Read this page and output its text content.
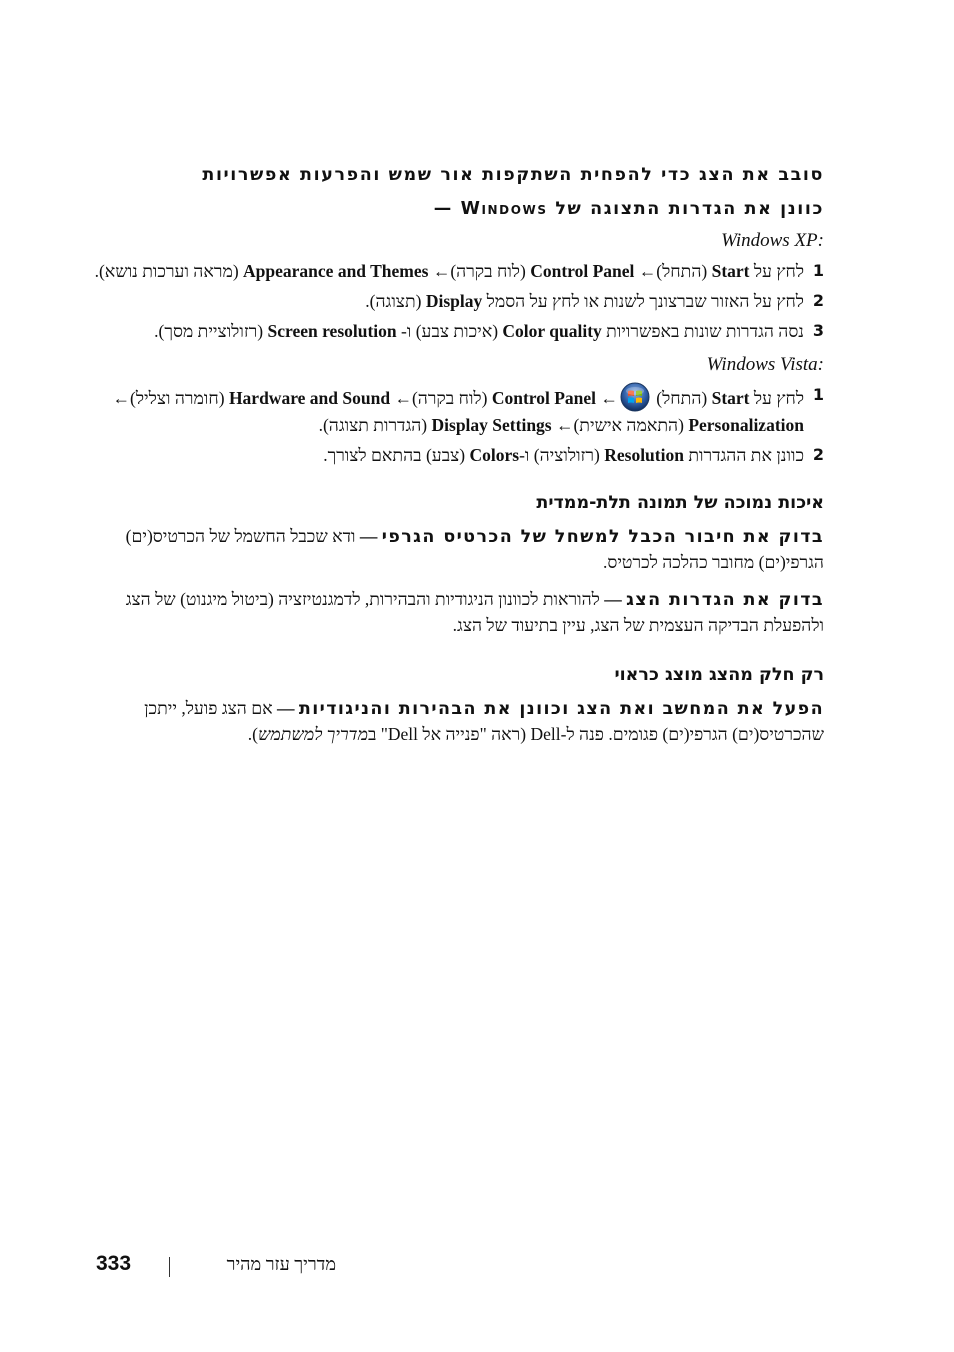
סובב את הצג כדי להפחית השתקפות אור שמש והפרעות אפשרויות
כוונן את הגדרות התצוגה של Windows —
Windows XP:
1
לחץ על Start (התחל)← Control Panel (לוח בקרה)← Appearance and Themes (מראה וערכות נושא).
2
לחץ על האזור שברצונך לשנות או לחץ על הסמל Display (תצוגה).
3
נסה הגדרות שונות באפשרויות Color quality (איכות צבע) ו- Screen resolution (רזולוציית מסך).
Windows Vista:
1
לחץ על Start (התחל) ← Control Panel (לוח בקרה)← Hardware and Sound (חומרה וצליל)← Personalization (התאמה אישית)← Display Settings (הגדרות תצוגה).
2
כוונן את ההגדרות Resolution (רזולוציה) ו-Colors (צבע) בהתאם לצורך.
איכות נמוכה של תמונה תלת-ממדית
בדוק את חיבור הכבל למשחל של הכרטיס הגרפי — ודא שכבל החשמל של הכרטיס(ים) הגרפי(ים) מחובר כהלכה לכרטיס.
בדוק את הגדרות הצג — להוראות לכוונון הניגודיות והבהירות, לדמגנטיזציה (ביטול מיגנוט) של הצג ולהפעלת הבדיקה העצמית של הצג, עיין בתיעוד של הצג.
רק חלק מהצג מוצג כראוי
הפעל את המחשב ואת הצג וכוונן את הבהירות והניגודיות — אם הצג פועל, ייתכן שהכרטיס(ים) הגרפי(ים) פגומים. פנה ל-Dell (ראה "פנייה אל Dell" במדריך למשתמש).
333	מדריך עזר מהיר
